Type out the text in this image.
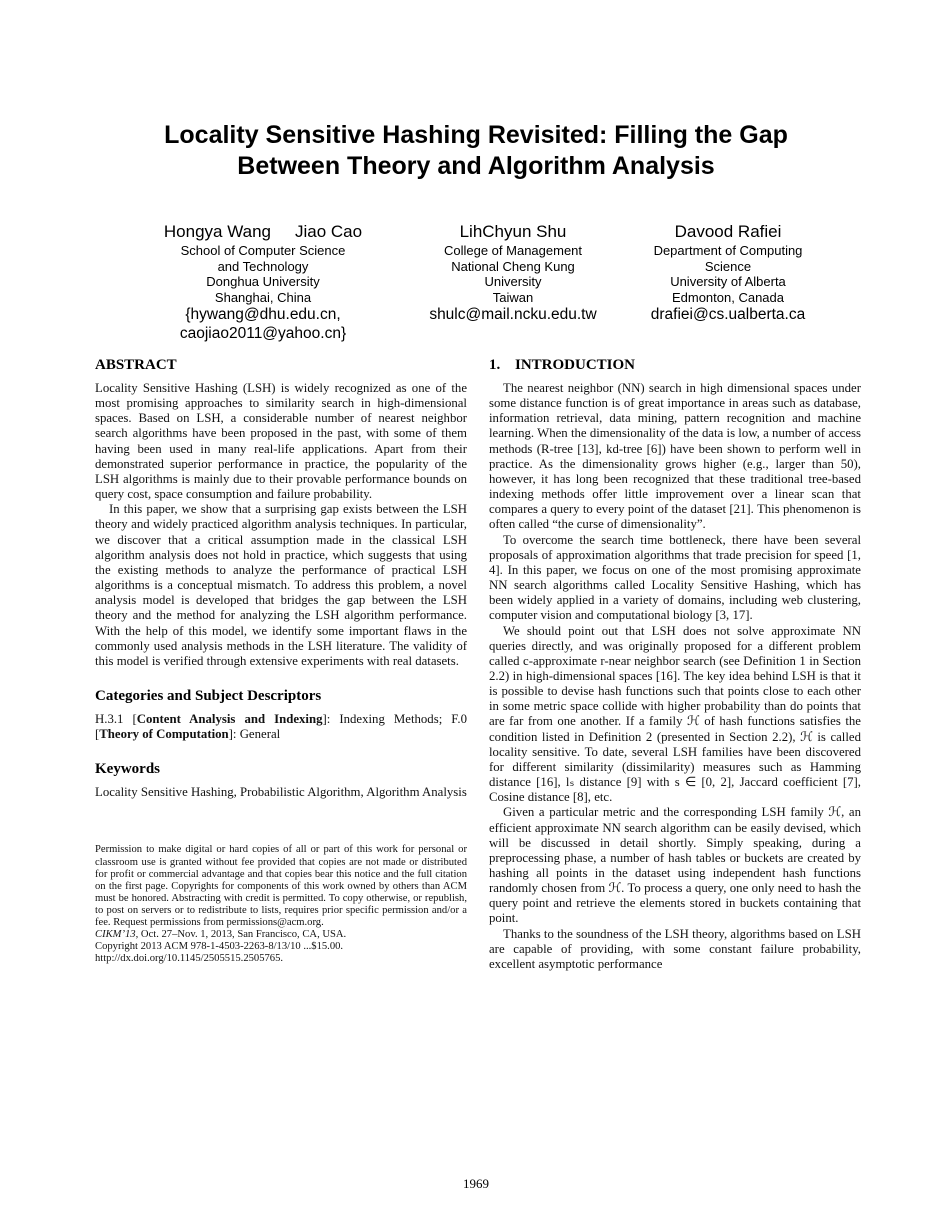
Locality Sensitive Hashing Revisited: Filling the Gap
Between Theory and Algorithm Analysis
Hongya Wang Jiao Cao
School of Computer Science
and Technology
Donghua University
Shanghai, China
{hywang@dhu.edu.cn,
caojiao2011@yahoo.cn}
LihChyun Shu
College of Management
National Cheng Kung
University
Taiwan
shulc@mail.ncku.edu.tw
Davood Rafiei
Department of Computing
Science
University of Alberta
Edmonton, Canada
drafiei@cs.ualberta.ca
ABSTRACT

Locality Sensitive Hashing (LSH) is widely recognized as one of the most promising approaches to similarity search in high-dimensional spaces. Based on LSH, a considerable number of nearest neighbor search algorithms have been proposed in the past, with some of them having been used in many real-life applications. Apart from their demonstrated superior performance in practice, the popularity of the LSH algorithms is mainly due to their provable performance bounds on query cost, space consumption and failure probability.

In this paper, we show that a surprising gap exists between the LSH theory and widely practiced algorithm analysis techniques. In particular, we discover that a critical assumption made in the classical LSH algorithm analysis does not hold in practice, which suggests that using the existing methods to analyze the performance of practical LSH algorithms is a conceptual mismatch. To address this problem, a novel analysis model is developed that bridges the gap between the LSH theory and the method for analyzing the LSH algorithm performance. With the help of this model, we identify some important flaws in the commonly used analysis methods in the LSH literature. The validity of this model is verified through extensive experiments with real datasets.

Categories and Subject Descriptors

H.3.1 [Content Analysis and Indexing]: Indexing Methods; F.0 [Theory of Computation]: General

Keywords

Locality Sensitive Hashing, Probabilistic Algorithm, Algorithm Analysis

Permission to make digital or hard copies of all or part of this work for personal or classroom use is granted without fee provided that copies are not made or distributed for profit or commercial advantage and that copies bear this notice and the full citation on the first page. Copyrights for components of this work owned by others than ACM must be honored. Abstracting with credit is permitted. To copy otherwise, or republish, to post on servers or to redistribute to lists, requires prior specific permission and/or a fee. Request permissions from permissions@acm.org.

CIKM’13, Oct. 27–Nov. 1, 2013, San Francisco, CA, USA.

Copyright 2013 ACM 978-1-4503-2263-8/13/10 ...$15.00.

http://dx.doi.org/10.1145/2505515.2505765.

1. INTRODUCTION

The nearest neighbor (NN) search in high dimensional spaces under some distance function is of great importance in areas such as database, information retrieval, data mining, pattern recognition and machine learning. When the dimensionality of the data is low, a number of access methods (R-tree [13], kd-tree [6]) have been shown to perform well in practice. As the dimensionality grows higher (e.g., larger than 50), however, it has long been recognized that these traditional tree-based indexing methods offer little improvement over a linear scan that compares a query to every point of the dataset [21]. This phenomenon is often called “the curse of dimensionality”.

To overcome the search time bottleneck, there have been several proposals of approximation algorithms that trade precision for speed [1, 4]. In this paper, we focus on one of the most promising approximate NN search algorithms called Locality Sensitive Hashing, which has been widely applied in a variety of domains, including web clustering, computer vision and computational biology [3, 17].

We should point out that LSH does not solve approximate NN queries directly, and was originally proposed for a different problem called c-approximate r-near neighbor search (see Definition 1 in Section 2.2) in high-dimensional spaces [16]. The key idea behind LSH is that it is possible to devise hash functions such that points close to each other in some metric space collide with higher probability than do points that are far from one another. If a family ℋ of hash functions satisfies the condition listed in Definition 2 (presented in Section 2.2), ℋ is called locality sensitive. To date, several LSH families have been discovered for different similarity (dissimilarity) measures such as Hamming distance [16], lₛ distance [9] with s ∈ [0, 2], Jaccard coefficient [7], Cosine distance [8], etc.

Given a particular metric and the corresponding LSH family ℋ, an efficient approximate NN search algorithm can be easily devised, which will be discussed in detail shortly. Simply speaking, during a preprocessing phase, a number of hash tables or buckets are created by hashing all points in the dataset using independent hash functions randomly chosen from ℋ. To process a query, one only need to hash the query point and retrieve the elements stored in buckets containing that point.

Thanks to the soundness of the LSH theory, algorithms based on LSH are capable of providing, with some constant failure probability, excellent asymptotic performance

1969
